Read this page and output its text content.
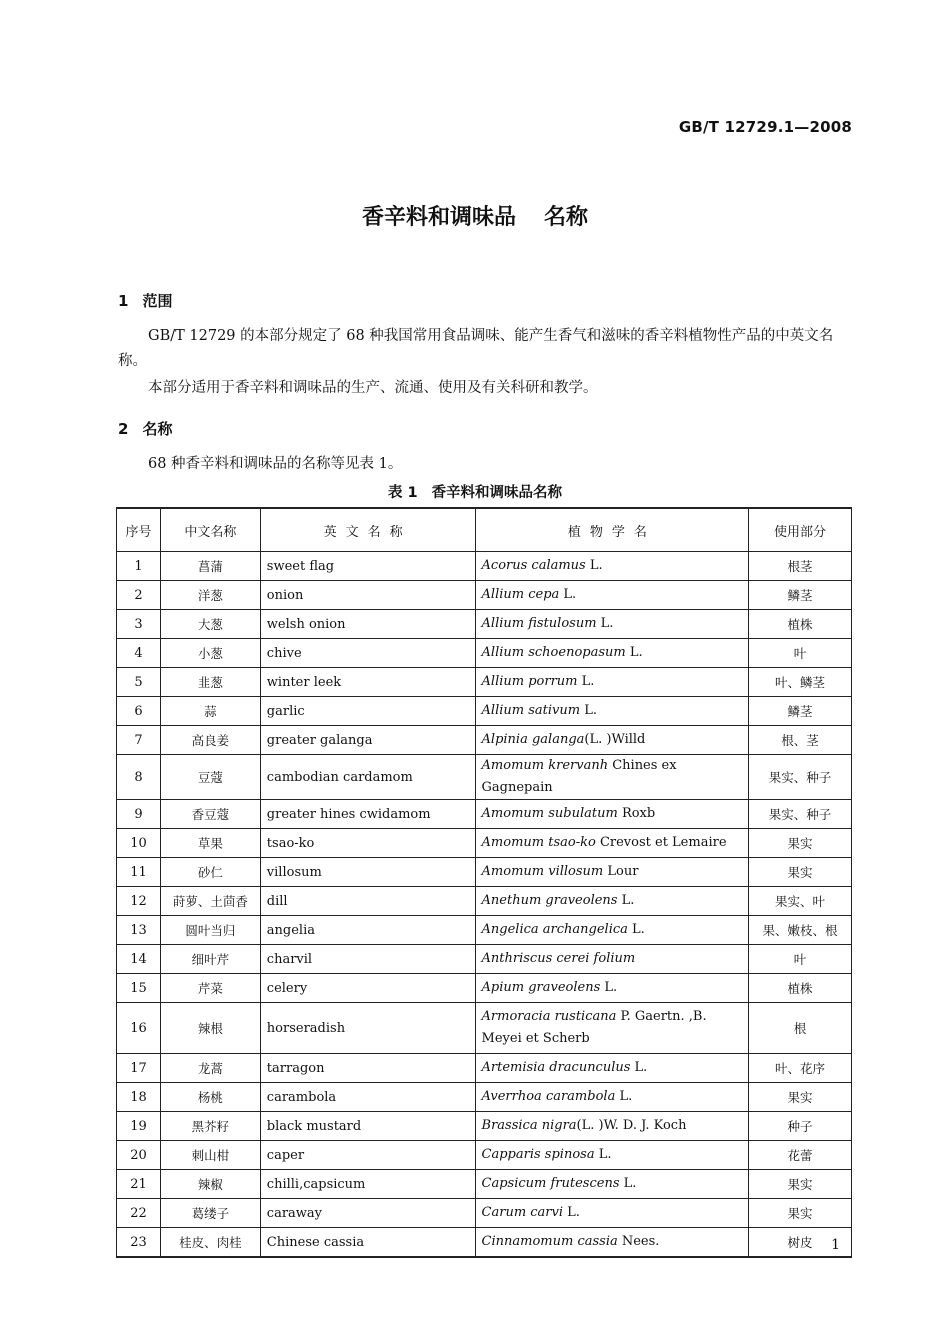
GB/T 12729.1—2008
香辛料和调味品 名称
1 范围
GB/T 12729 的本部分规定了 68 种我国常用食品调味、能产生香气和滋味的香辛料植物性产品的中英文名称。
本部分适用于香辛料和调味品的生产、流通、使用及有关科研和教学。
2 名称
68 种香辛料和调味品的名称等见表 1。
表 1 香辛料和调味品名称
序号	中文名称	英文名称	植物学名	使用部分
1	菖蒲	sweet flag	Acorus calamus L.	根茎
2	洋葱	onion	Allium cepa L.	鳞茎
3	大葱	welsh onion	Allium fistulosum L.	植株
4	小葱	chive	Allium schoenopasum L.	叶
5	韭葱	winter leek	Allium porrum L.	叶、鳞茎
6	蒜	garlic	Allium sativum L.	鳞茎
7	高良姜	greater galanga	Alpinia galanga(L. )Willd	根、茎
8	豆蔻	cambodian cardamom	Amomum krervanh Chines ex Gagnepain	果实、种子
9	香豆蔻	greater hines cwidamom	Amomum subulatum Roxb	果实、种子
10	草果	tsao-ko	Amomum tsao-ko Crevost et Lemaire	果实
11	砂仁	villosum	Amomum villosum Lour	果实
12	莳萝、土茴香	dill	Anethum graveolens L.	果实、叶
13	圆叶当归	angelia	Angelica archangelica L.	果、嫩枝、根
14	细叶芹	charvil	Anthriscus cerei folium	叶
15	芹菜	celery	Apium graveolens L.	植株
16	辣根	horseradish	Armoracia rusticana P. Gaertn. ,B. Meyei et Scherb	根
17	龙蒿	tarragon	Artemisia dracunculus L.	叶、花序
18	杨桃	carambola	Averrhoa carambola L.	果实
19	黑芥籽	black mustard	Brassica nigra(L. )W. D. J. Koch	种子
20	刺山柑	caper	Capparis spinosa L.	花蕾
21	辣椒	chilli,capsicum	Capsicum frutescens L.	果实
22	葛缕子	caraway	Carum carvi L.	果实
23	桂皮、肉桂	Chinese cassia	Cinnamomum cassia Nees.	树皮 1
